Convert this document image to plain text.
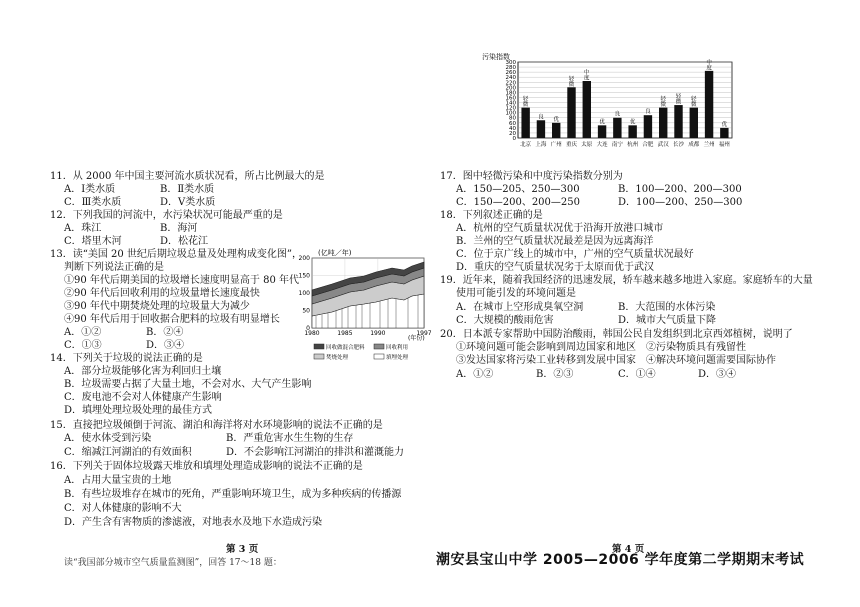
11．从 2000 年中国主要河流水质状况看，所占比例最大的是
A．Ⅰ类水质	B．Ⅱ类水质
C．Ⅲ类水质	D．Ⅴ类水质
12．下列我国的河流中，水污染状况可能最严重的是
A．珠江	B．海河
C．塔里木河	D．松花江
13．读“美国 20 世纪后期垃圾总量及处理构成变化图”，
判断下列说法正确的是
①90 年代后期美国的垃圾增长速度明显高于 80 年代
②90 年代后回收利用的垃圾量增长速度最快
③90 年代中期焚烧处理的垃圾量大为减少
④90 年代后用于回收据合肥料的垃圾有明显增长
A．①②	B．②④
C．①③	D．③④
(亿吨／年)
0
50
100
150
200
1980	1985	1990	1997
(年份)
回收做混合肥料	回收利用
焚烧处理	填埋处理
14．下列关于垃圾的说法正确的是
A．部分垃圾能够化害为利回归土壤
B．垃圾需要占据了大量土地，不会对水、大气产生影响
C．废电池不会对人体健康产生影响
D．填埋处理垃圾处理的最佳方式
15．直接把垃圾倾倒于河流、湖泊和海洋将对水环境影响的说法不正确的是
A．使水体受到污染	B．严重危害水生生物的生存
C．缩减江河湖泊的有效面积	D．不会影响江河湖泊的排洪和灌溉能力
16．下列关于固体垃圾露天堆放和填埋处理造成影响的说法不正确的是
A．占用大量宝贵的土地
B．有些垃圾堆存在城市的死角，严重影响环境卫生，成为多种疾病的传播源
C．对人体健康的影响不大
D．产生含有害物质的渗滤液，对地表水及地下水造成污染
第 3 页
读“我国部分城市空气质量监测图”，回答 17～18 题：
污染指数
0
20
40
60
80
100
120
140
160
180
200
220
240
260
280
300
轻
微
良 优
轻
微
中
度
优
良
优
良
轻
微
轻
微 轻
微
中
度
优
北京 上海 广州 重庆 太原 大连 南宁 杭州 合肥 武汉 长沙 成都 兰州 福州
17．图中轻微污染和中度污染指数分别为
A．150—205、250—300	B．100—200、200—300
C．150—200、200—250	D．100—200、250—300
18．下列叙述正确的是
A．杭州的空气质量状况优于沿海开放港口城市
B．兰州的空气质量状况最差是因为远离海洋
C．位于京广线上的城市中，广州的空气质量状况最好
D．重庆的空气质量状况劣于太原而优于武汉
19．近年来，随着我国经济的迅速发展，轿车越来越多地进入家庭。家庭轿车的大量
使用可能引发的环境问题是
A．在城市上空形成臭氧空洞	B．大范围的水体污染
C．大规模的酸雨危害	D．城市大气质量下降
20．日本派专家帮助中国防治酸雨，韩国公民自发组织到北京西郊植树，说明了
①环境问题可能会影响到周边国家和地区　②污染物质具有残留性
③发达国家将污染工业转移到发展中国家　④解决环境问题需要国际协作
A．①②	B．②③	C．①④	D．③④
第 4 页
潮安县宝山中学 2005—2006 学年度第二学期期末考试
